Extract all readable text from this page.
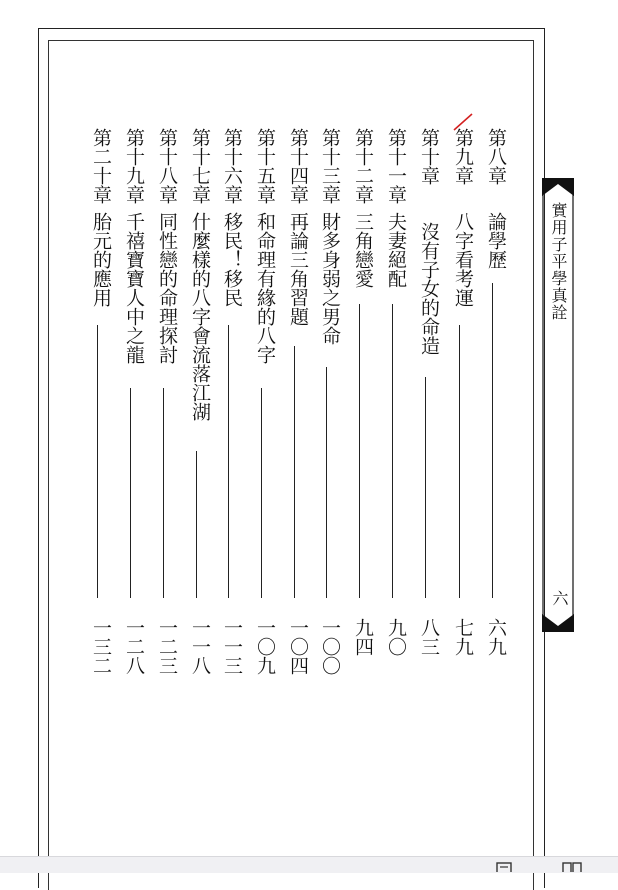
第八章
論學歷
六九
第九章
八字看考運
七九
第十章
沒有子女的命造
八三
第十一章
夫妻絕配
九〇
第十二章
三角戀愛
九四
第十三章
財多身弱之男命
一〇〇
第十四章
再論三角習題
一〇四
第十五章
和命理有緣的八字
一〇九
第十六章
移民！移民
一一三
第十七章
什麼樣的八字會流落江湖
一一八
第十八章
同性戀的命理探討
一二三
第十九章
千禧寶寶人中之龍
一二八
第二十章
胎元的應用
一三二
實用子平學真詮
六
